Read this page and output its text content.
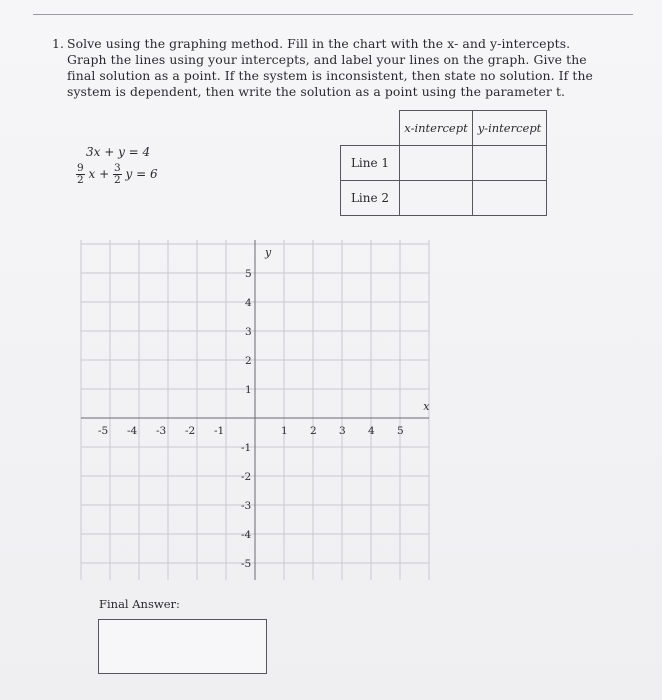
1. Solve using the graphing method. Fill in the chart with the x- and y-intercepts. Graph the lines using your intercepts, and label your lines on the graph. Give the final solution as a point. If the system is inconsistent, then state no solution. If the system is dependent, then write the solution as a point using the parameter t.
3x + y = 4
$\frac{9}{2}$ $x + \frac{3}{2}$ y = 6
	x-intercept	y-intercept
Line 1		
Line 2		
x
y
-5 -4 -3 -2 -1	1 2 3 4 5
5
4
3
2
1
-1
-2
-3
-4
-5
Final Answer:
